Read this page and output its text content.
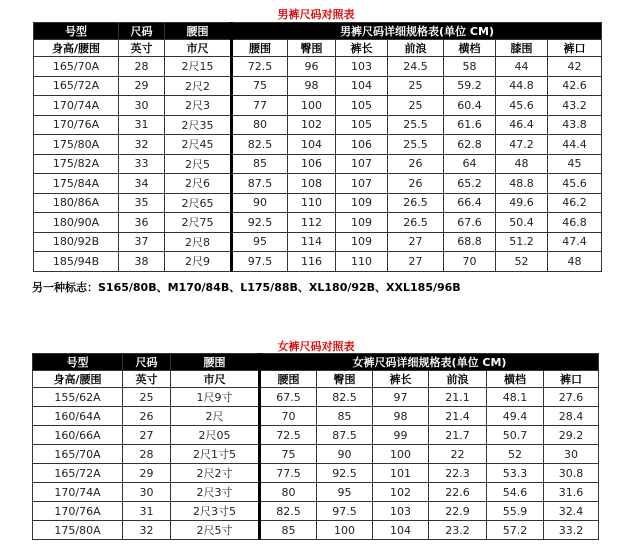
男裤尺码对照表
号型	尺码	腰围	男裤尺码详细规格表(单位 CM)						
身高/腰围	英寸	市尺	腰围	臀围	裤长	前浪	横档	膝围	裤口
165/70A	28	2尺15	72.5	96	103	24.5	58	44	42
165/72A	29	2尺2	75	98	104	25	59.2	44.8	42.6
170/74A	30	2尺3	77	100	105	25	60.4	45.6	43.2
170/76A	31	2尺35	80	102	105	25.5	61.6	46.4	43.8
175/80A	32	2尺45	82.5	104	106	25.5	62.8	47.2	44.4
175/82A	33	2尺5	85	106	107	26	64	48	45
175/84A	34	2尺6	87.5	108	107	26	65.2	48.8	45.6
180/86A	35	2尺65	90	110	109	26.5	66.4	49.6	46.2
180/90A	36	2尺75	92.5	112	109	26.5	67.6	50.4	46.8
180/92B	37	2尺8	95	114	109	27	68.8	51.2	47.4
185/94B	38	2尺9	97.5	116	110	27	70	52	48
另一种标志：S165/80B、M170/84B、L175/88B、XL180/92B、XXL185/96B
女裤尺码对照表
号型	尺码	腰围	女裤尺码详细规格表(单位 CM)					
身高/腰围	英寸	市尺	腰围	臀围	裤长	前浪	横档	裤口
155/62A	25	1尺9寸	67.5	82.5	97	21.1	48.1	27.6
160/64A	26	2尺	70	85	98	21.4	49.4	28.4
160/66A	27	2尺05	72.5	87.5	99	21.7	50.7	29.2
165/70A	28	2尺1寸5	75	90	100	22	52	30
165/72A	29	2尺2寸	77.5	92.5	101	22.3	53.3	30.8
170/74A	30	2尺3寸	80	95	102	22.6	54.6	31.6
170/76A	31	2尺3寸5	82.5	97.5	103	22.9	55.9	32.4
175/80A	32	2尺5寸	85	100	104	23.2	57.2	33.2
